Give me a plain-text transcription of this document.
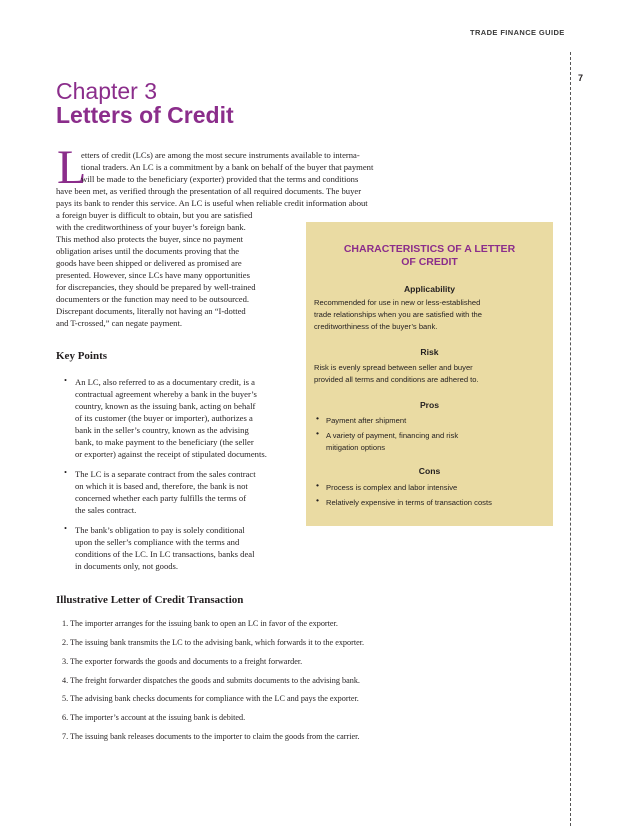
TRADE FINANCE GUIDE
7
Chapter 3
Letters of Credit
L
etters of credit (LCs) are among the most secure instruments available to interna-
tional traders. An LC is a commitment by a bank on behalf of the buyer that payment
will be made to the beneficiary (exporter) provided that the terms and conditions
have been met, as verified through the presentation of all required documents. The buyer
pays its bank to render this service. An LC is useful when reliable credit information about
a foreign buyer is difficult to obtain, but you are satisfied
with the creditworthiness of your buyer’s foreign bank.
This method also protects the buyer, since no payment
obligation arises until the documents proving that the
goods have been shipped or delivered as promised are
presented. However, since LCs have many opportunities
for discrepancies, they should be prepared by well-trained
documenters or the function may need to be outsourced.
Discrepant documents, literally not having an “I-dotted
and T-crossed,” can negate payment.
CHARACTERISTICS OF A LETTER
OF CREDIT
Applicability
Recommended for use in new or less-established
trade relationships when you are satisfied with the
creditworthiness of the buyer’s bank.
Risk
Risk is evenly spread between seller and buyer
provided all terms and conditions are adhered to.
Pros
• Payment after shipment
• A variety of payment, financing and risk
mitigation options
Cons
• Process is complex and labor intensive
• Relatively expensive in terms of transaction costs
Key Points
• An LC, also referred to as a documentary credit, is a
contractual agreement whereby a bank in the buyer’s
country, known as the issuing bank, acting on behalf
of its customer (the buyer or importer), authorizes a
bank in the seller’s country, known as the advising
bank, to make payment to the beneficiary (the seller
or exporter) against the receipt of stipulated documents.
• The LC is a separate contract from the sales contract
on which it is based and, therefore, the bank is not
concerned whether each party fulfills the terms of
the sales contract.
• The bank’s obligation to pay is solely conditional
upon the seller’s compliance with the terms and
conditions of the LC. In LC transactions, banks deal
in documents only, not goods.
Illustrative Letter of Credit Transaction
1. The importer arranges for the issuing bank to open an LC in favor of the exporter.
2. The issuing bank transmits the LC to the advising bank, which forwards it to the exporter.
3. The exporter forwards the goods and documents to a freight forwarder.
4. The freight forwarder dispatches the goods and submits documents to the advising bank.
5. The advising bank checks documents for compliance with the LC and pays the exporter.
6. The importer’s account at the issuing bank is debited.
7. The issuing bank releases documents to the importer to claim the goods from the carrier.
